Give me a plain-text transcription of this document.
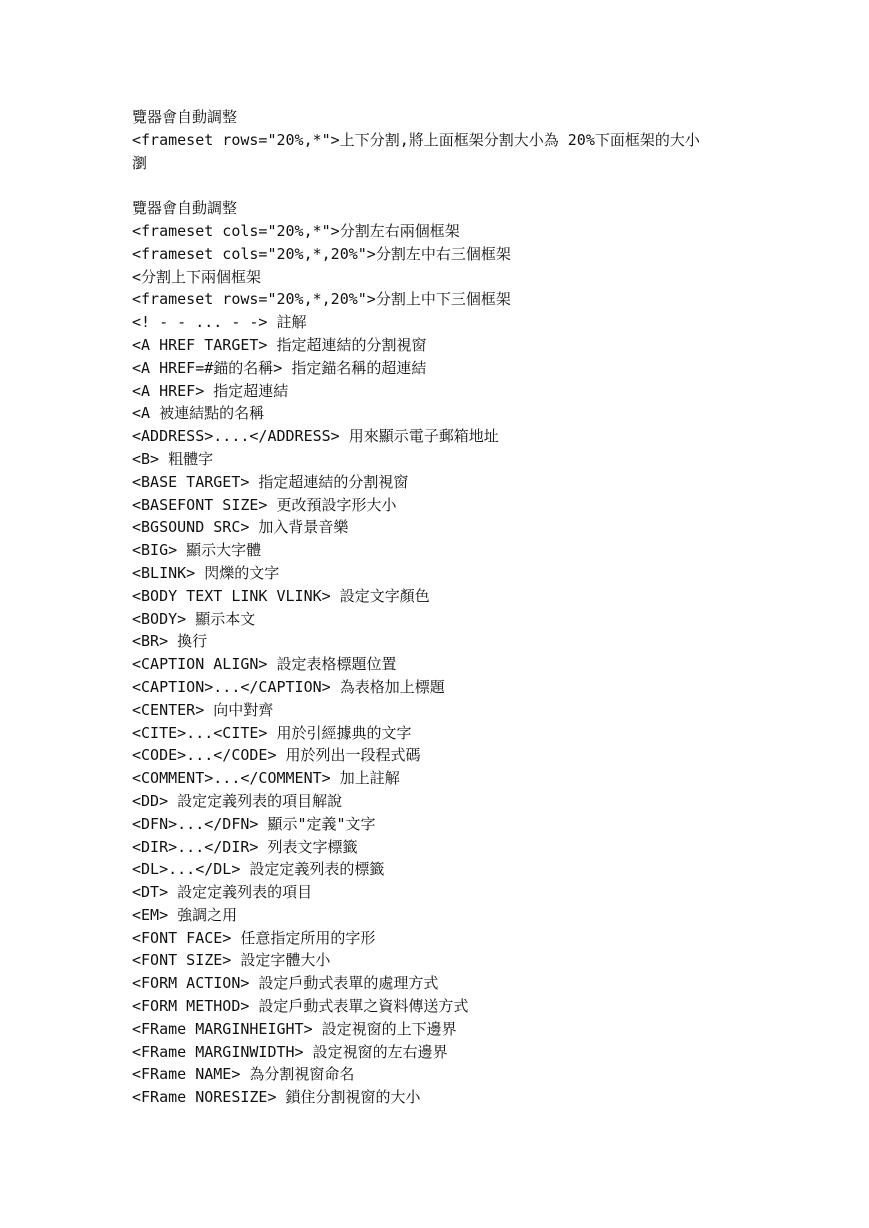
覽器會自動調整
<frameset rows="20%,*">上下分割,將上面框架分割大小為 20%下面框架的大小
瀏
覽器會自動調整
<frameset cols="20%,*">分割左右兩個框架
<frameset cols="20%,*,20%">分割左中右三個框架
<分割上下兩個框架
<frameset rows="20%,*,20%">分割上中下三個框架
<! - - ... - -> 註解
<A HREF TARGET> 指定超連結的分割視窗
<A HREF=#錨的名稱> 指定錨名稱的超連結
<A HREF> 指定超連結
<A 被連結點的名稱
<ADDRESS>....</ADDRESS> 用來顯示電子郵箱地址
<B> 粗體字
<BASE TARGET> 指定超連結的分割視窗
<BASEFONT SIZE> 更改預設字形大小
<BGSOUND SRC> 加入背景音樂
<BIG> 顯示大字體
<BLINK> 閃爍的文字
<BODY TEXT LINK VLINK> 設定文字顏色
<BODY> 顯示本文
<BR> 換行
<CAPTION ALIGN> 設定表格標題位置
<CAPTION>...</CAPTION> 為表格加上標題
<CENTER> 向中對齊
<CITE>...<CITE> 用於引經據典的文字
<CODE>...</CODE> 用於列出一段程式碼
<COMMENT>...</COMMENT> 加上註解
<DD> 設定定義列表的項目解說
<DFN>...</DFN> 顯示"定義"文字
<DIR>...</DIR> 列表文字標籤
<DL>...</DL> 設定定義列表的標籤
<DT> 設定定義列表的項目
<EM> 強調之用
<FONT FACE> 任意指定所用的字形
<FONT SIZE> 設定字體大小
<FORM ACTION> 設定戶動式表單的處理方式
<FORM METHOD> 設定戶動式表單之資料傳送方式
<FRame MARGINHEIGHT> 設定視窗的上下邊界
<FRame MARGINWIDTH> 設定視窗的左右邊界
<FRame NAME> 為分割視窗命名
<FRame NORESIZE> 鎖住分割視窗的大小
